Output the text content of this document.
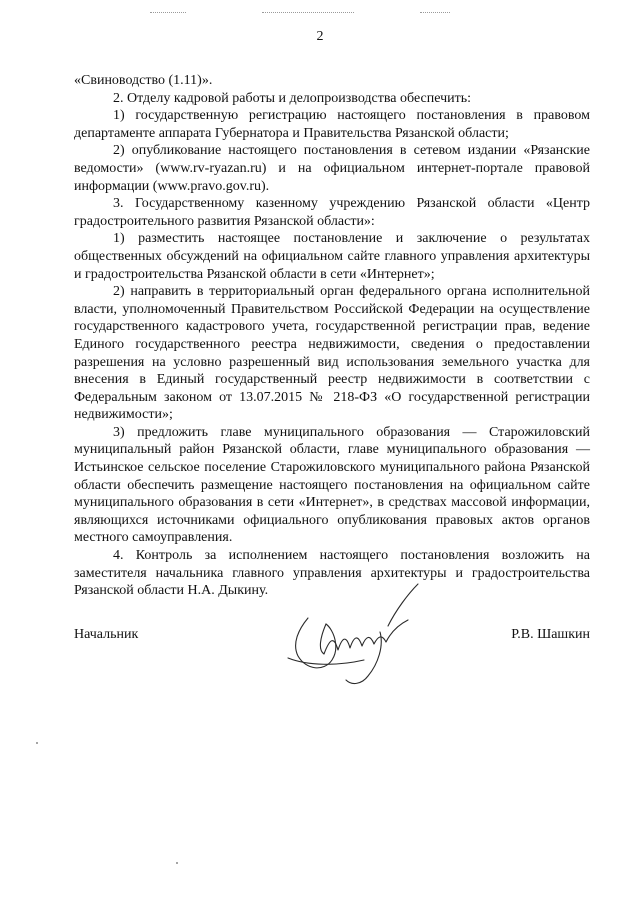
2

«Свиноводство (1.11)».

2. Отделу кадровой работы и делопроизводства обеспечить:

1) государственную регистрацию настоящего постановления в правовом департаменте аппарата Губернатора и Правительства Рязанской области;

2) опубликование настоящего постановления в сетевом издании «Рязанские ведомости» (www.rv-ryazan.ru) и на официальном интернет-портале правовой информации (www.pravo.gov.ru).

3. Государственному казенному учреждению Рязанской области «Центр градостроительного развития Рязанской области»:

1) разместить настоящее постановление и заключение о результатах общественных обсуждений на официальном сайте главного управления архитектуры и градостроительства Рязанской области в сети «Интернет»;

2) направить в территориальный орган федерального органа исполнительной власти, уполномоченный Правительством Российской Федерации на осуществление государственного кадастрового учета, государственной регистрации прав, ведение Единого государственного реестра недвижимости, сведения о предоставлении разрешения на условно разрешенный вид использования земельного участка для внесения в Единый государственный реестр недвижимости в соответствии с Федеральным законом от 13.07.2015 № 218-ФЗ «О государственной регистрации недвижимости»;

3) предложить главе муниципального образования — Старожиловский муниципальный район Рязанской области, главе муниципального образования — Истьинское сельское поселение Старожиловского муниципального района Рязанской области обеспечить размещение настоящего постановления на официальном сайте муниципального образования в сети «Интернет», в средствах массовой информации, являющихся источниками официального опубликования правовых актов органов местного самоуправления.

4. Контроль за исполнением настоящего постановления возложить на заместителя начальника главного управления архитектуры и градостроительства Рязанской области Н.А. Дыкину.

Начальник	Р.В. Шашкин
